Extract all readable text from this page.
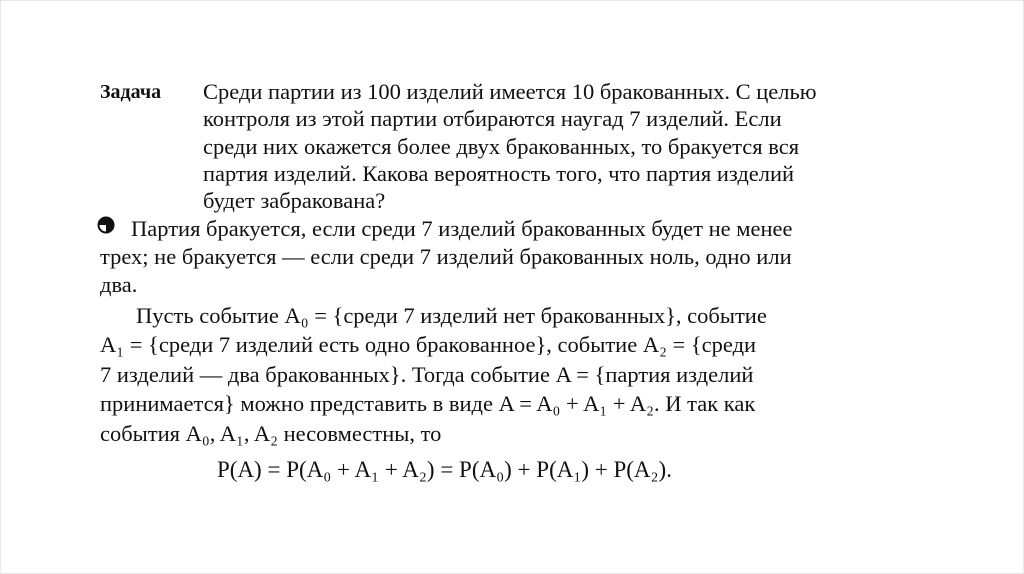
Задача Среди партии из 100 изделий имеется 10 бракованных. С целью
контроля из этой партии отбираются наугад 7 изделий. Если
среди них окажется более двух бракованных, то бракуется вся
партия изделий. Какова вероятность того, что партия изделий
будет забракована?
Партия бракуется, если среди 7 изделий бракованных будет не менее
трех; не бракуется — если среди 7 изделий бракованных ноль, одно или
два.
Пусть событие A₀ = {среди 7 изделий нет бракованных}, событие
A₁ = {среди 7 изделий есть одно бракованное}, событие A₂ = {среди
7 изделий — два бракованных}. Тогда событие A = {партия изделий
принимается} можно представить в виде A = A₀ + A₁ + A₂. И так как
события A₀, A₁, A₂ несовместны, то
P(A) = P(A₀ + A₁ + A₂) = P(A₀) + P(A₁) + P(A₂).
